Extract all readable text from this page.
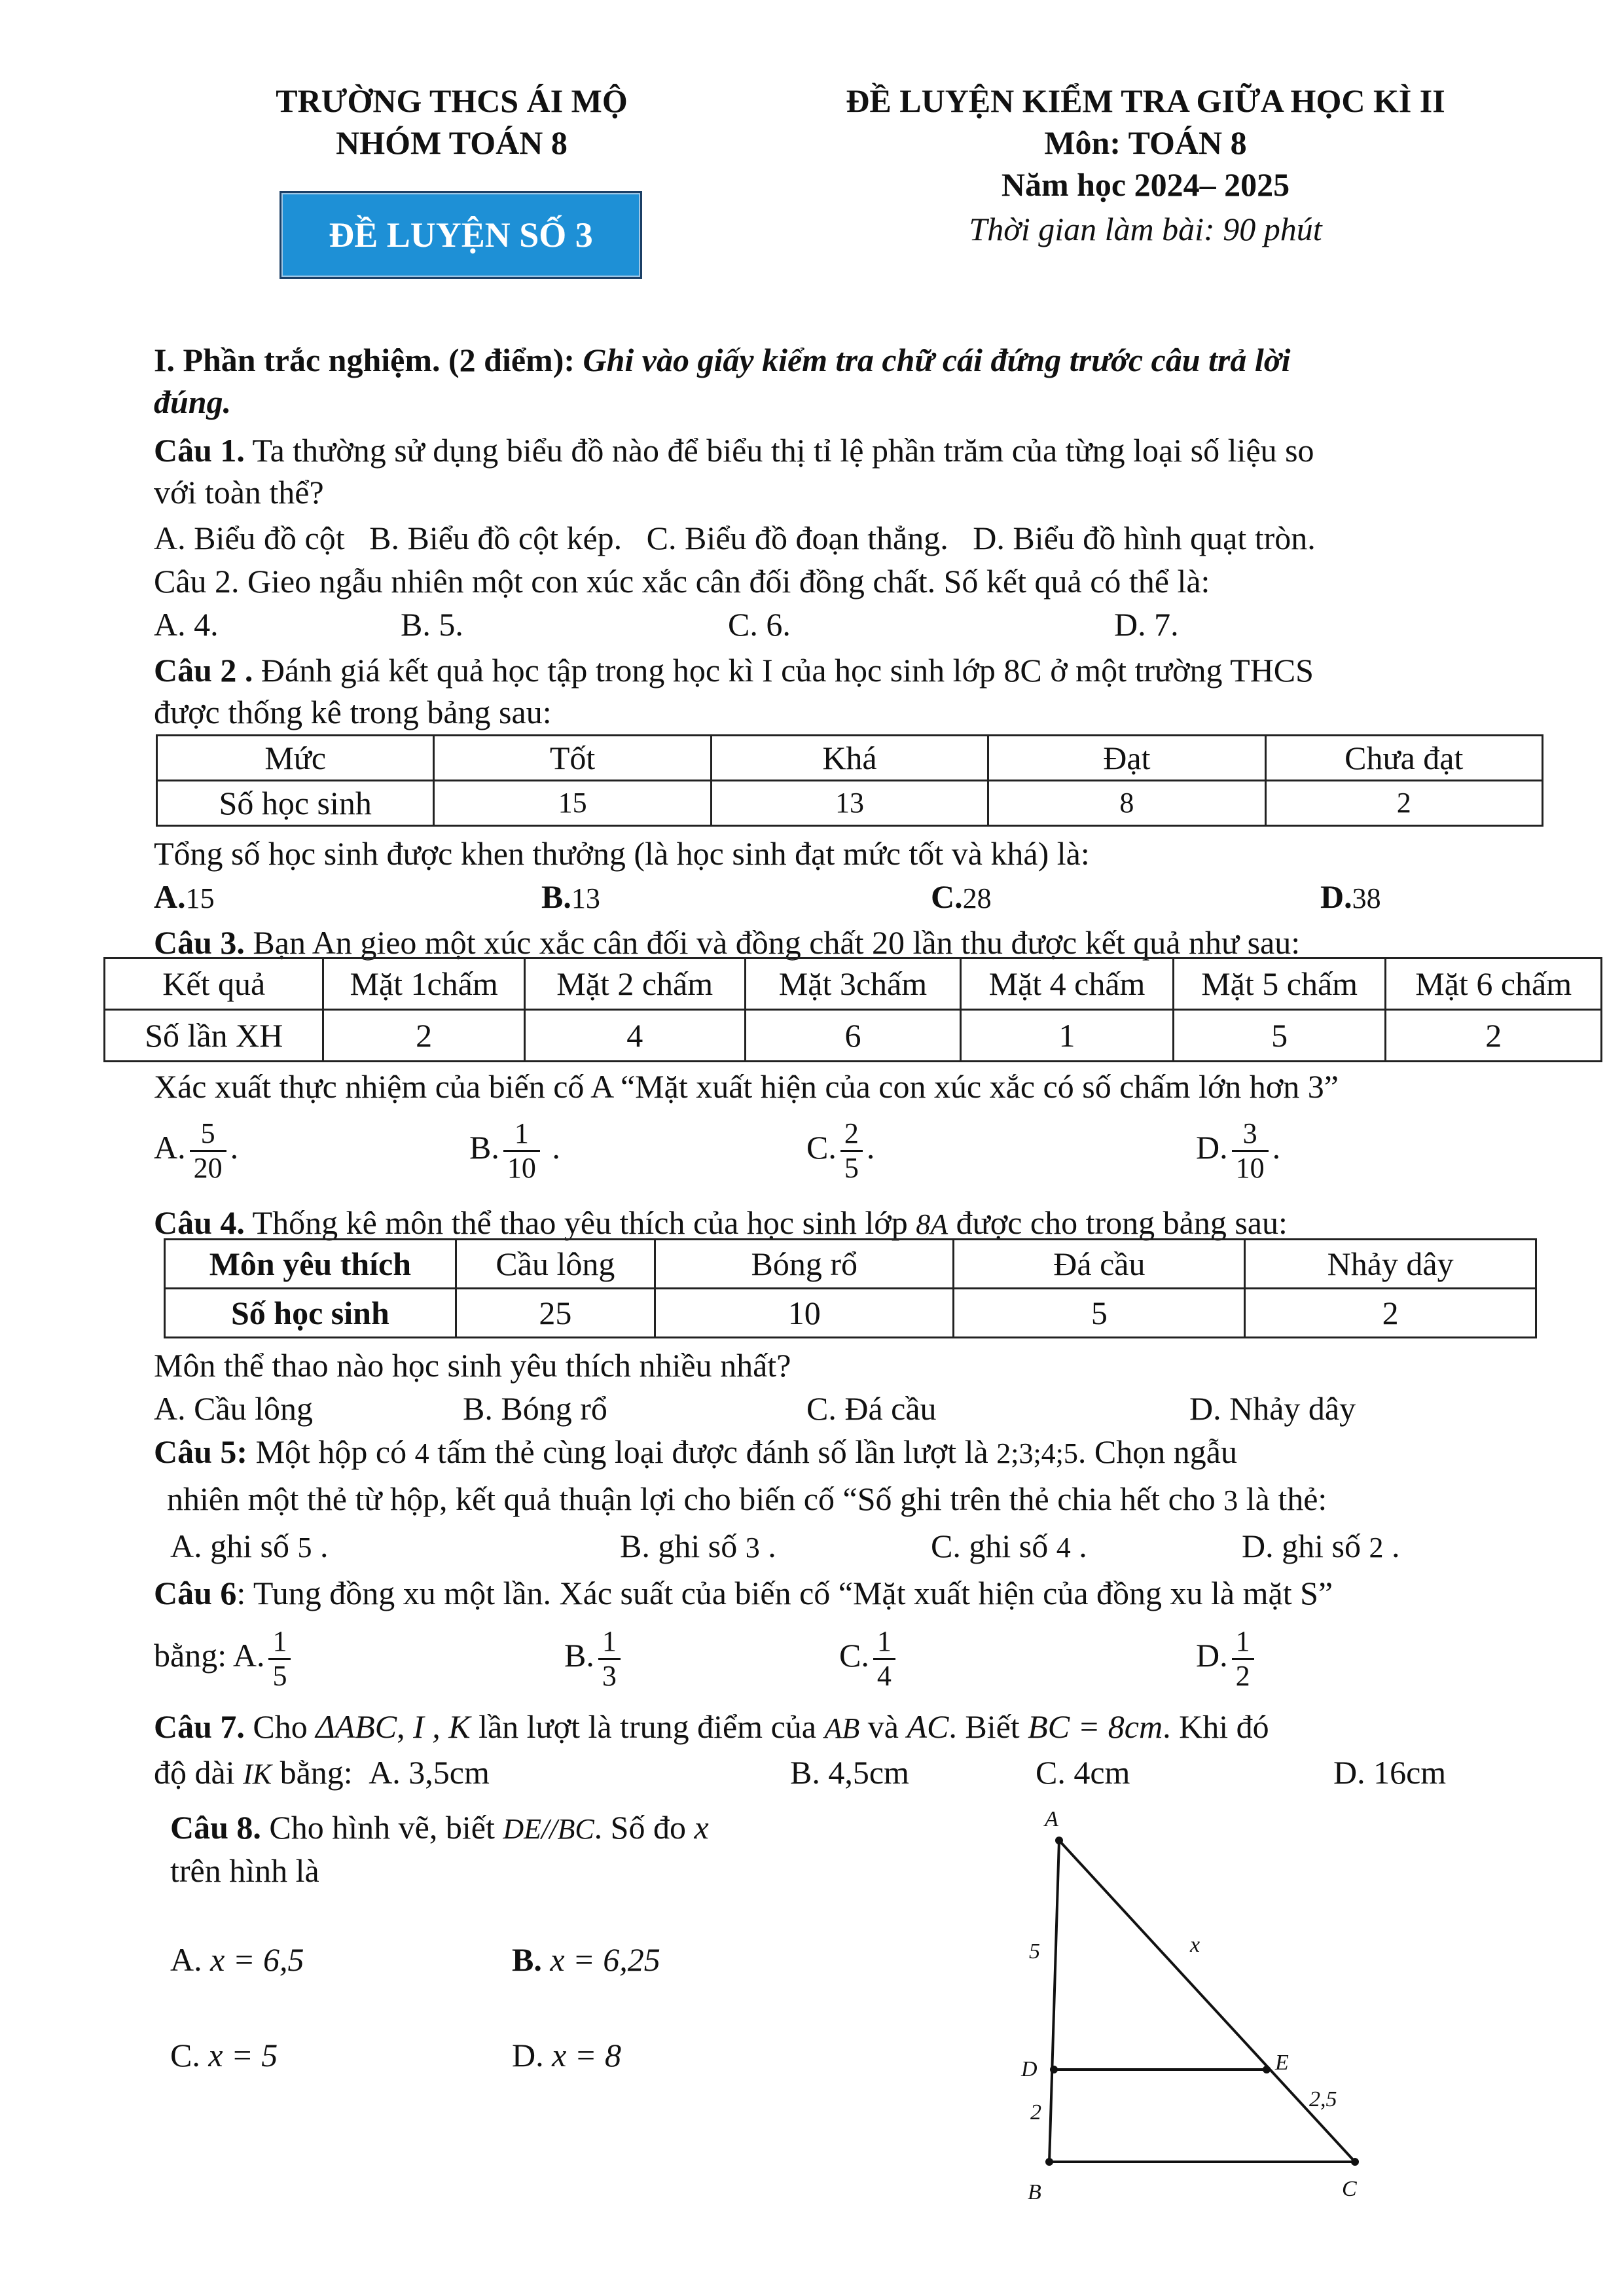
TRƯỜNG THCS ÁI MỘ
NHÓM TOÁN 8
ĐỀ LUYỆN SỐ 3
ĐỀ LUYỆN KIỂM TRA GIỮA HỌC KÌ II
Môn: TOÁN 8
Năm học 2024– 2025
Thời gian làm bài: 90 phút
I. Phần trắc nghiệm. (2 điểm): Ghi vào giấy kiểm tra chữ cái đứng trước câu trả lời
đúng.
Câu 1. Ta thường sử dụng biểu đồ nào để biểu thị tỉ lệ phần trăm của từng loại số liệu so
với toàn thể?
A. Biểu đồ cột   B. Biểu đồ cột kép.   C. Biểu đồ đoạn thẳng.   D. Biểu đồ hình quạt tròn.
Câu 2. Gieo ngẫu nhiên một con xúc xắc cân đối đồng chất. Số kết quả có thể là:
A. 4.	B. 5.	C. 6.	D. 7.
Câu 2 . Đánh giá kết quả học tập trong học kì I của học sinh lớp 8C ở một trường THCS
được thống kê trong bảng sau:
Mức	Tốt	Khá	Đạt	Chưa đạt
Số học sinh	15	13	8	2
Tổng số học sinh được khen thưởng (là học sinh đạt mức tốt và khá) là:
A.15	B.13	C.28	D.38
Câu 3. Bạn An gieo một xúc xắc cân đối và đồng chất 20 lần thu được kết quả như sau:
Kết quả	Mặt 1chấm	Mặt 2 chấm	Mặt 3chấm	Mặt 4 chấm	Mặt 5 chấm	Mặt 6 chấm
Số lần XH	2	4	6	1	5	2
Xác xuất thực nhiệm của biến cố A “Mặt xuất hiện của con xúc xắc có số chấm lớn hơn 3”
A. $\frac{5}{20}$ .	B. $\frac{1}{10}$ .	C. $\frac{2}{5}$ .	D. $\frac{3}{10}$ .
Câu 4. Thống kê môn thể thao yêu thích của học sinh lớp 8A được cho trong bảng sau:
Môn yêu thích	Cầu lông	Bóng rổ	Đá cầu	Nhảy dây
Số học sinh	25	10	5	2
Môn thể thao nào học sinh yêu thích nhiều nhất?
A. Cầu lông	B. Bóng rổ	C. Đá cầu	D. Nhảy dây
Câu 5: Một hộp có 4 tấm thẻ cùng loại được đánh số lần lượt là 2;3;4;5. Chọn ngẫu
nhiên một thẻ từ hộp, kết quả thuận lợi cho biến cố “Số ghi trên thẻ chia hết cho 3 là thẻ:
A. ghi số 5 .	B. ghi số 3 .	C. ghi số 4 .	D. ghi số 2 .
Câu 6: Tung đồng xu một lần. Xác suất của biến cố “Mặt xuất hiện của đồng xu là mặt S”
bằng: A. $\frac{1}{5}$	B. $\frac{1}{3}$	C. $\frac{1}{4}$	D. $\frac{1}{2}$
Câu 7. Cho ΔABC, I , K lần lượt là trung điểm của AB và AC. Biết BC = 8cm. Khi đó
độ dài IK bằng: A. 3,5cm	B. 4,5cm	C. 4cm	D. 16cm
Câu 8. Cho hình vẽ, biết DE//BC. Số đo x
trên hình là
A. x = 6,5	B. x = 6,25
C. x = 5	D. x = 8
A
B	C
D	E
5
2
x
2,5
